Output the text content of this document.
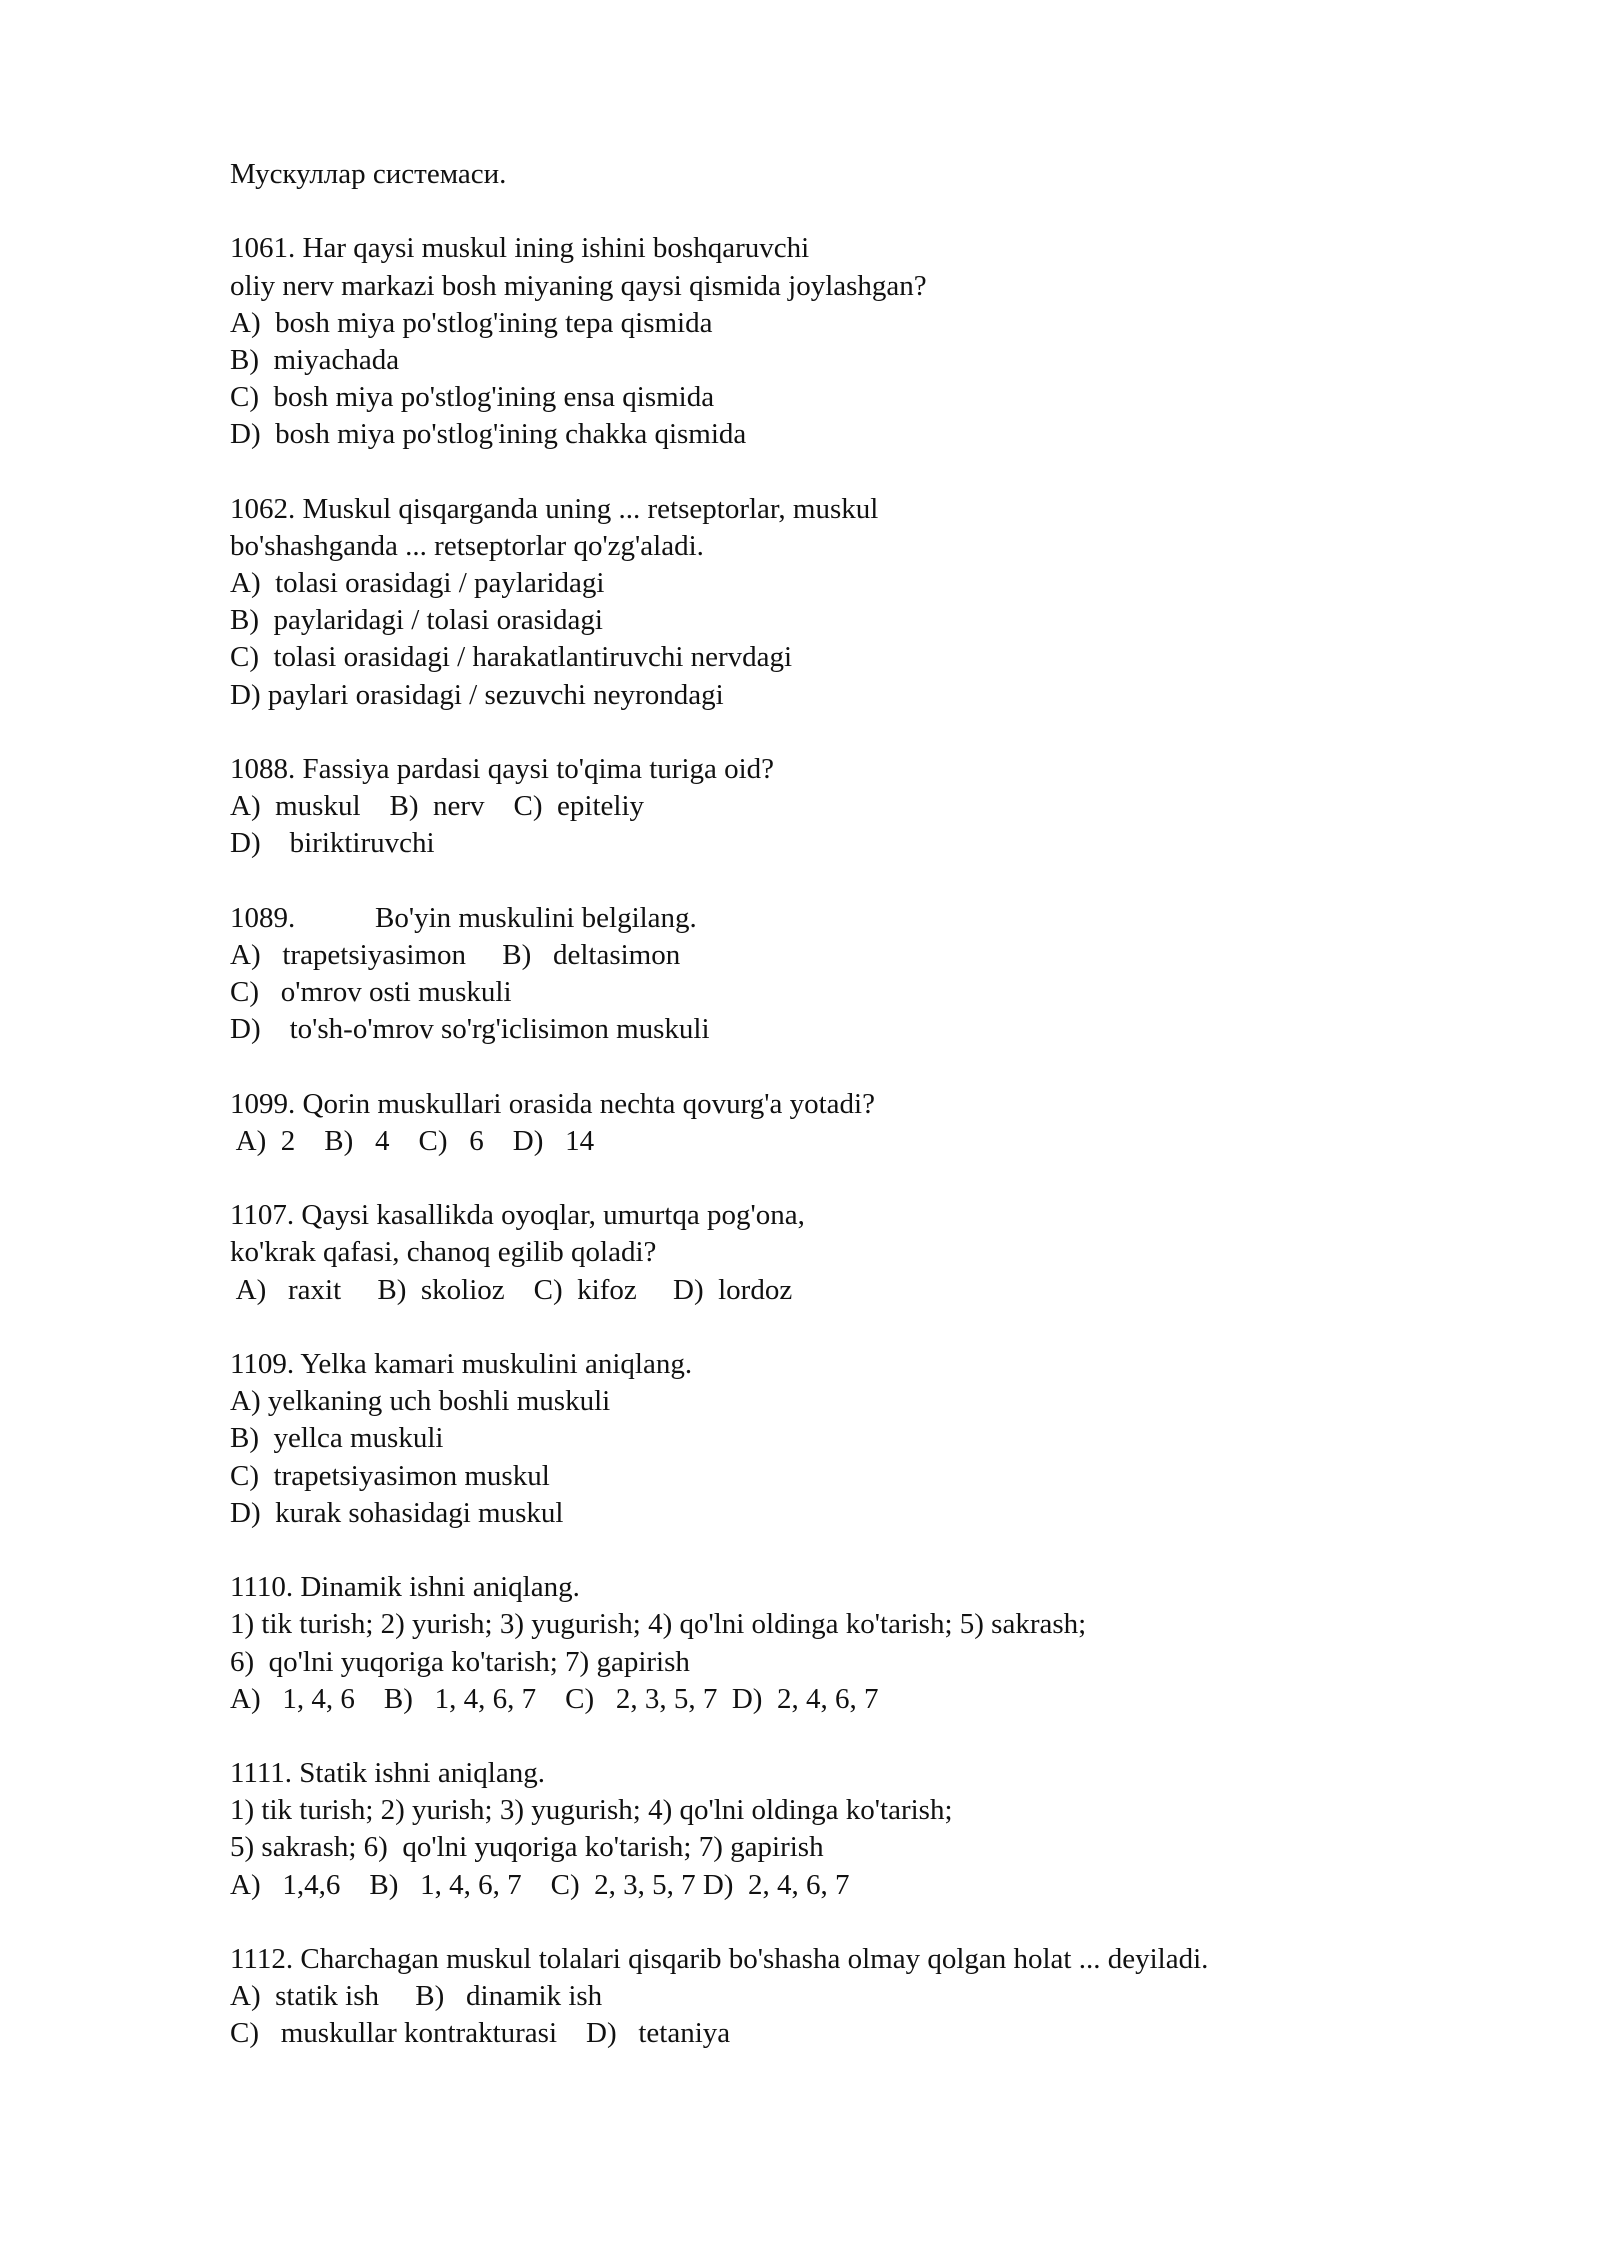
Мускуллар системаси.
1061. Har qaysi muskul ining ishini boshqaruvchi
oliy nerv markazi bosh miyaning qaysi qismida joylashgan?
A)  bosh miya po'stlog'ining tepa qismida
B)  miyachada
C)  bosh miya po'stlog'ining ensa qismida
D)  bosh miya po'stlog'ining chakka qismida
1062. Muskul qisqarganda uning ... retseptorlar, muskul
bo'shashganda ... retseptorlar qo'zg'aladi.
A)  tolasi orasidagi / paylaridagi
B)  paylaridagi / tolasi orasidagi
C)  tolasi orasidagi / harakatlantiruvchi nervdagi
D) paylari orasidagi / sezuvchi neyrondagi
1088. Fassiya pardasi qaysi to'qima turiga oid?
A)  muskul    B)  nerv    C)  epiteliy
D)    biriktiruvchi
1089.           Bo'yin muskulini belgilang.
A)   trapetsiyasimon     B)   deltasimon
C)   o'mrov osti muskuli
D)    to'sh-o'mrov so'rg'iclisimon muskuli
1099. Qorin muskullari orasida nechta qovurg'a yotadi?
A)  2    B)   4    C)   6    D)   14
1107. Qaysi kasallikda oyoqlar, umurtqa pog'ona,
ko'krak qafasi, chanoq egilib qoladi?
A)   raxit     B)  skolioz    C)  kifoz     D)  lordoz
1109. Yelka kamari muskulini aniqlang.
A) yelkaning uch boshli muskuli
B)  yellca muskuli
C)  trapetsiyasimon muskul
D)  kurak sohasidagi muskul
1110. Dinamik ishni aniqlang.
1) tik turish; 2) yurish; 3) yugurish; 4) qo'lni oldinga ko'tarish; 5) sakrash;
6)  qo'lni yuqoriga ko'tarish; 7) gapirish
A)   1, 4, 6    B)   1, 4, 6, 7    C)   2, 3, 5, 7  D)  2, 4, 6, 7
1111. Statik ishni aniqlang.
1) tik turish; 2) yurish; 3) yugurish; 4) qo'lni oldinga ko'tarish;
5) sakrash; 6)  qo'lni yuqoriga ko'tarish; 7) gapirish
A)   1,4,6    B)   1, 4, 6, 7    C)  2, 3, 5, 7 D)  2, 4, 6, 7
1112. Charchagan muskul tolalari qisqarib bo'shasha olmay qolgan holat ... deyiladi.
A)  statik ish     B)   dinamik ish
C)   muskullar kontrakturasi    D)   tetaniya
